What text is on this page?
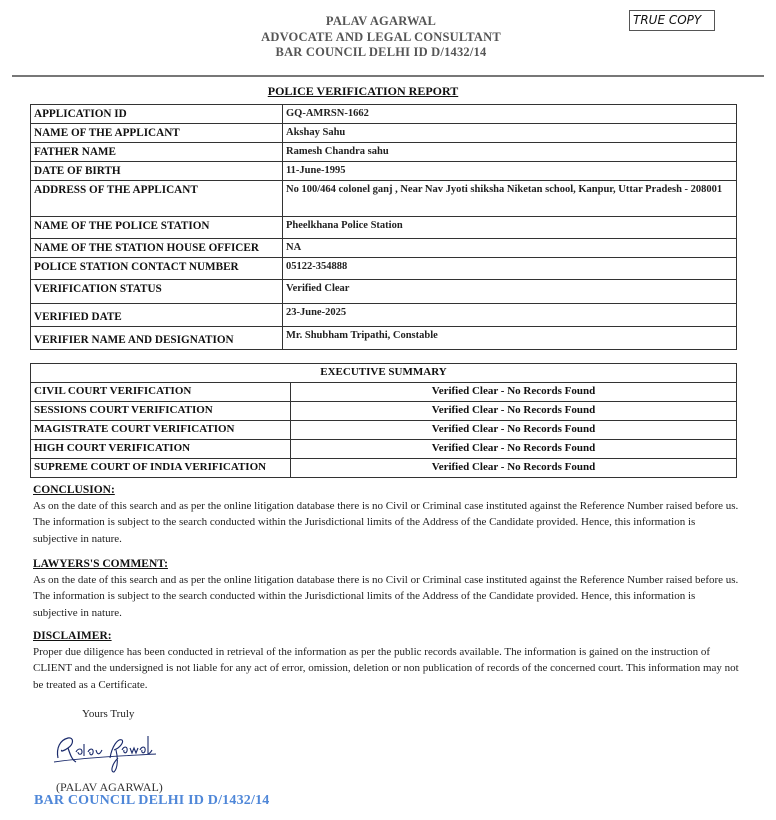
PALAV AGARWAL
ADVOCATE AND LEGAL CONSULTANT
BAR COUNCIL DELHI ID D/1432/14
TRUE COPY
POLICE VERIFICATION REPORT
APPLICATION ID	GQ-AMRSN-1662
NAME OF THE APPLICANT	Akshay Sahu
FATHER NAME	Ramesh Chandra sahu
DATE OF BIRTH	11-June-1995
ADDRESS OF THE APPLICANT	No 100/464 colonel ganj , Near Nav Jyoti shiksha Niketan school, Kanpur, Uttar Pradesh - 208001
NAME OF THE POLICE STATION	Pheelkhana Police Station
NAME OF THE STATION HOUSE OFFICER	NA
POLICE STATION CONTACT NUMBER	05122-354888
VERIFICATION STATUS	Verified Clear
VERIFIED DATE	23-June-2025
VERIFIER NAME AND DESIGNATION	Mr. Shubham Tripathi, Constable
EXECUTIVE SUMMARY	
CIVIL COURT VERIFICATION	Verified Clear - No Records Found
SESSIONS COURT VERIFICATION	Verified Clear - No Records Found
MAGISTRATE COURT VERIFICATION	Verified Clear - No Records Found
HIGH COURT VERIFICATION	Verified Clear - No Records Found
SUPREME COURT OF INDIA VERIFICATION	Verified Clear - No Records Found
CONCLUSION:
As on the date of this search and as per the online litigation database there is no Civil or Criminal case instituted against the Reference Number raised before us. The information is subject to the search conducted within the Jurisdictional limits of the Address of the Candidate provided. Hence, this information is subjective in nature.
LAWYERS'S COMMENT:
As on the date of this search and as per the online litigation database there is no Civil or Criminal case instituted against the Reference Number raised before us. The information is subject to the search conducted within the Jurisdictional limits of the Address of the Candidate provided. Hence, this information is subjective in nature.
DISCLAIMER:
Proper due diligence has been conducted in retrieval of the information as per the public records available. The information is gained on the instruction of CLIENT and the undersigned is not liable for any act of error, omission, deletion or non publication of records of the concerned court. This information may not be treated as a Certificate.
Yours Truly
(PALAV AGARWAL)
BAR COUNCIL DELHI ID D/1432/14
